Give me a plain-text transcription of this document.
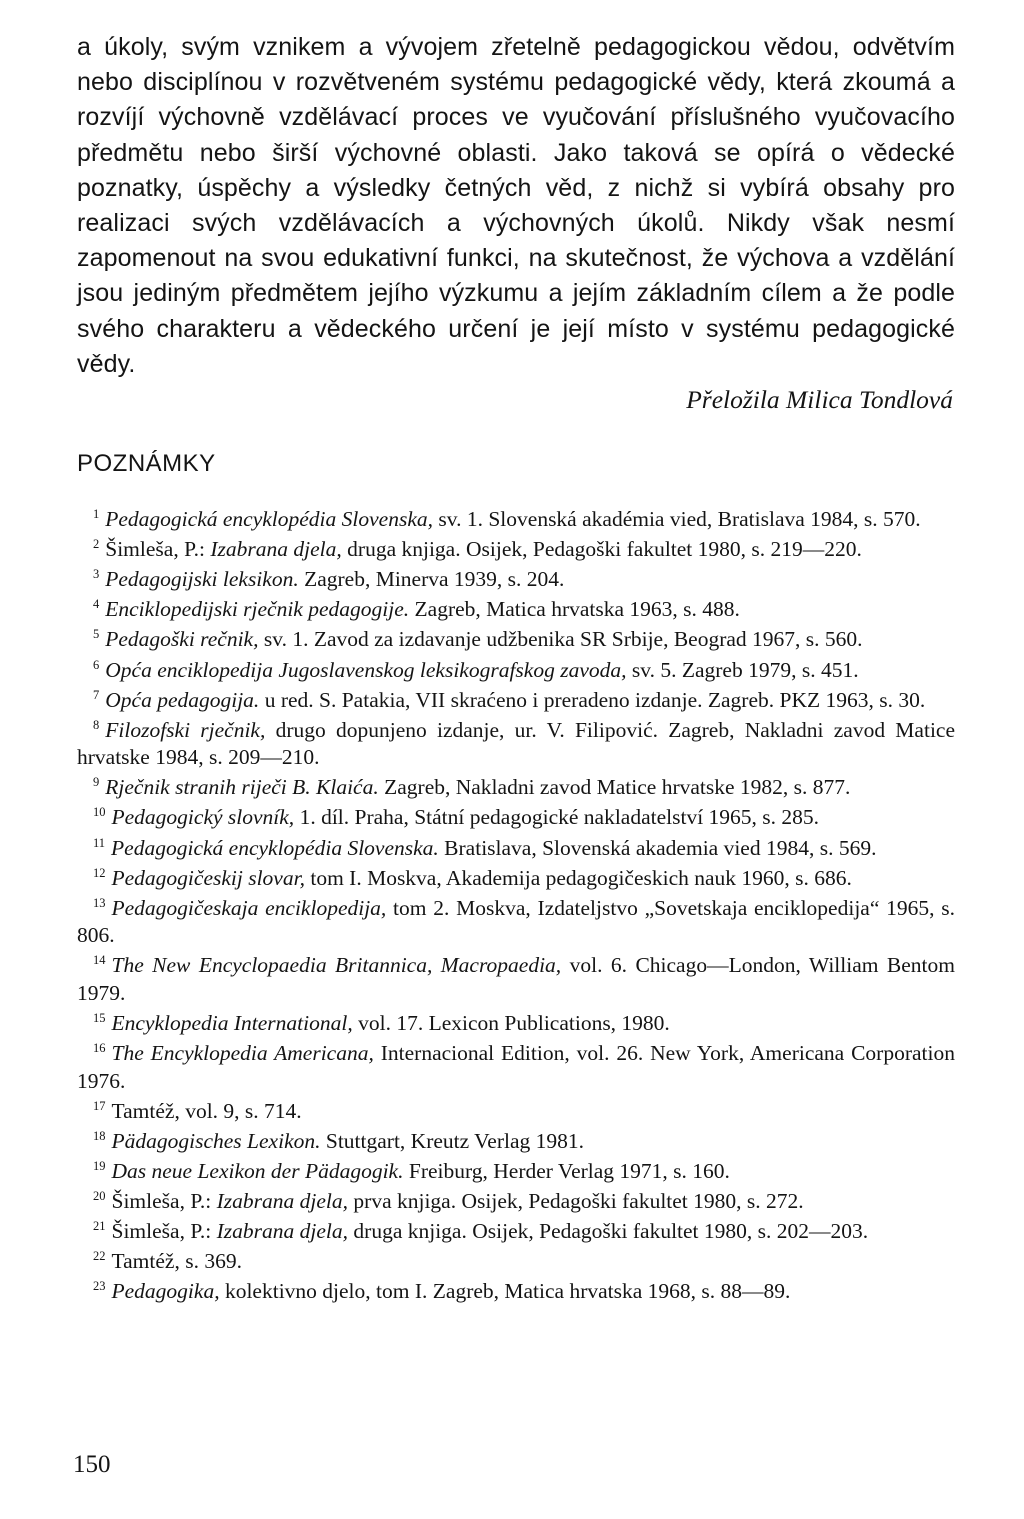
a úkoly, svým vznikem a vývojem zřetelně pedagogickou vědou, odvětvím nebo disciplínou v rozvětveném systému pedagogické vědy, která zkoumá a rozvíjí výchovně vzdělávací proces ve vyučování příslušného vyučovacího předmětu nebo širší výchovné oblasti. Jako taková se opírá o vědecké poznatky, úspěchy a výsledky četných věd, z nichž si vybírá obsahy pro realizaci svých vzdělávacích a výchovných úkolů. Nikdy však nesmí zapomenout na svou edukativní funkci, na skutečnost, že výchova a vzdělání jsou jediným předmětem jejího výzkumu a jejím základním cílem a že podle svého charakteru a vědeckého určení je její místo v systému pedagogické vědy.

Přeložila Milica Tondlová

POZNÁMKY

$^1$ Pedagogická encyklopédia Slovenska, sv. 1. Slovenská akadémia vied, Bratislava 1984, s. 570.

$^2$ Šimleša, P.: Izabrana djela, druga knjiga. Osijek, Pedagoški fakultet 1980, s. 219—220.

$^3$ Pedagogijski leksikon. Zagreb, Minerva 1939, s. 204.

$^4$ Enciklopedijski rječnik pedagogije. Zagreb, Matica hrvatska 1963, s. 488.

$^5$ Pedagoški rečnik, sv. 1. Zavod za izdavanje udžbenika SR Srbije, Beograd 1967, s. 560.

$^6$ Opća enciklopedija Jugoslavenskog leksikografskog zavoda, sv. 5. Zagreb 1979, s. 451.

$^7$ Opća pedagogija. u red. S. Patakia, VII skraćeno i preradeno izdanje. Zagreb. PKZ 1963, s. 30.

$^8$ Filozofski rječnik, drugo dopunjeno izdanje, ur. V. Filipović. Zagreb, Nakladni zavod Matice hrvatske 1984, s. 209—210.

$^9$ Rječnik stranih riječi B. Klaića. Zagreb, Nakladni zavod Matice hrvatske 1982, s. 877.

$^{10}$ Pedagogický slovník, 1. díl. Praha, Státní pedagogické nakladatelství 1965, s. 285.

$^{11}$ Pedagogická encyklopédia Slovenska. Bratislava, Slovenská akademia vied 1984, s. 569.

$^{12}$ Pedagogičeskij slovar, tom I. Moskva, Akademija pedagogičeskich nauk 1960, s. 686.

$^{13}$ Pedagogičeskaja enciklopedija, tom 2. Moskva, Izdateljstvo „Sovetskaja enciklopedija“ 1965, s. 806.

$^{14}$ The New Encyclopaedia Britannica, Macropaedia, vol. 6. Chicago—London, William Bentom 1979.

$^{15}$ Encyklopedia International, vol. 17. Lexicon Publications, 1980.

$^{16}$ The Encyklopedia Americana, Internacional Edition, vol. 26. New York, Americana Corporation 1976.

$^{17}$ Tamtéž, vol. 9, s. 714.

$^{18}$ Pädagogisches Lexikon. Stuttgart, Kreutz Verlag 1981.

$^{19}$ Das neue Lexikon der Pädagogik. Freiburg, Herder Verlag 1971, s. 160.

$^{20}$ Šimleša, P.: Izabrana djela, prva knjiga. Osijek, Pedagoški fakultet 1980, s. 272.

$^{21}$ Šimleša, P.: Izabrana djela, druga knjiga. Osijek, Pedagoški fakultet 1980, s. 202—203.

$^{22}$ Tamtéž, s. 369.

$^{23}$ Pedagogika, kolektivno djelo, tom I. Zagreb, Matica hrvatska 1968, s. 88—89.

150
